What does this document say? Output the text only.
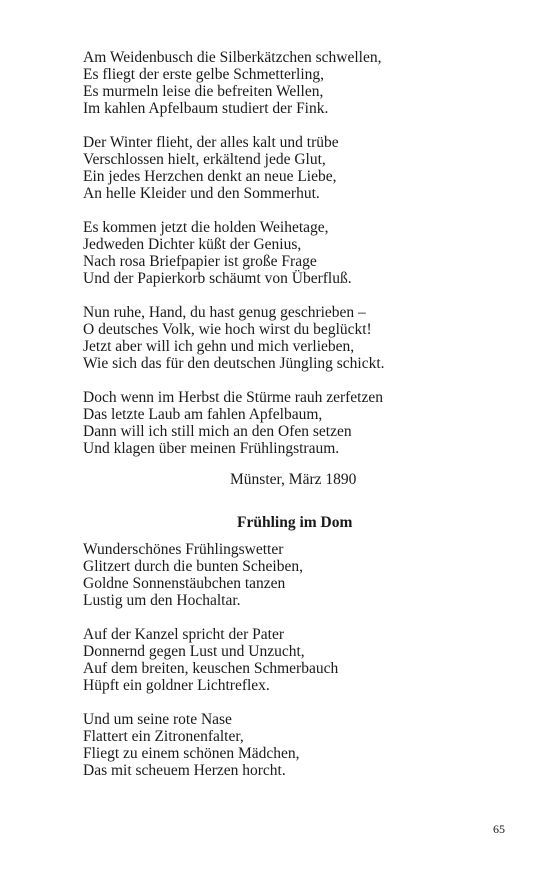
Am Weidenbusch die Silberkätzchen schwellen,
Es fliegt der erste gelbe Schmetterling,
Es murmeln leise die befreiten Wellen,
Im kahlen Apfelbaum studiert der Fink.

Der Winter flieht, der alles kalt und trübe
Verschlossen hielt, erkältend jede Glut,
Ein jedes Herzchen denkt an neue Liebe,
An helle Kleider und den Sommerhut.

Es kommen jetzt die holden Weihetage,
Jedweden Dichter küßt der Genius,
Nach rosa Briefpapier ist große Frage
Und der Papierkorb schäumt von Überfluß.

Nun ruhe, Hand, du hast genug geschrieben –
O deutsches Volk, wie hoch wirst du beglückt!
Jetzt aber will ich gehn und mich verlieben,
Wie sich das für den deutschen Jüngling schickt.

Doch wenn im Herbst die Stürme rauh zerfetzen
Das letzte Laub am fahlen Apfelbaum,
Dann will ich still mich an den Ofen setzen
Und klagen über meinen Frühlingstraum.

Münster, März 1890
Frühling im Dom

Wunderschönes Frühlingswetter
Glitzert durch die bunten Scheiben,
Goldne Sonnenstäubchen tanzen
Lustig um den Hochaltar.

Auf der Kanzel spricht der Pater
Donnernd gegen Lust und Unzucht,
Auf dem breiten, keuschen Schmerbauch
Hüpft ein goldner Lichtreflex.

Und um seine rote Nase
Flattert ein Zitronenfalter,
Fliegt zu einem schönen Mädchen,
Das mit scheuem Herzen horcht.

65
